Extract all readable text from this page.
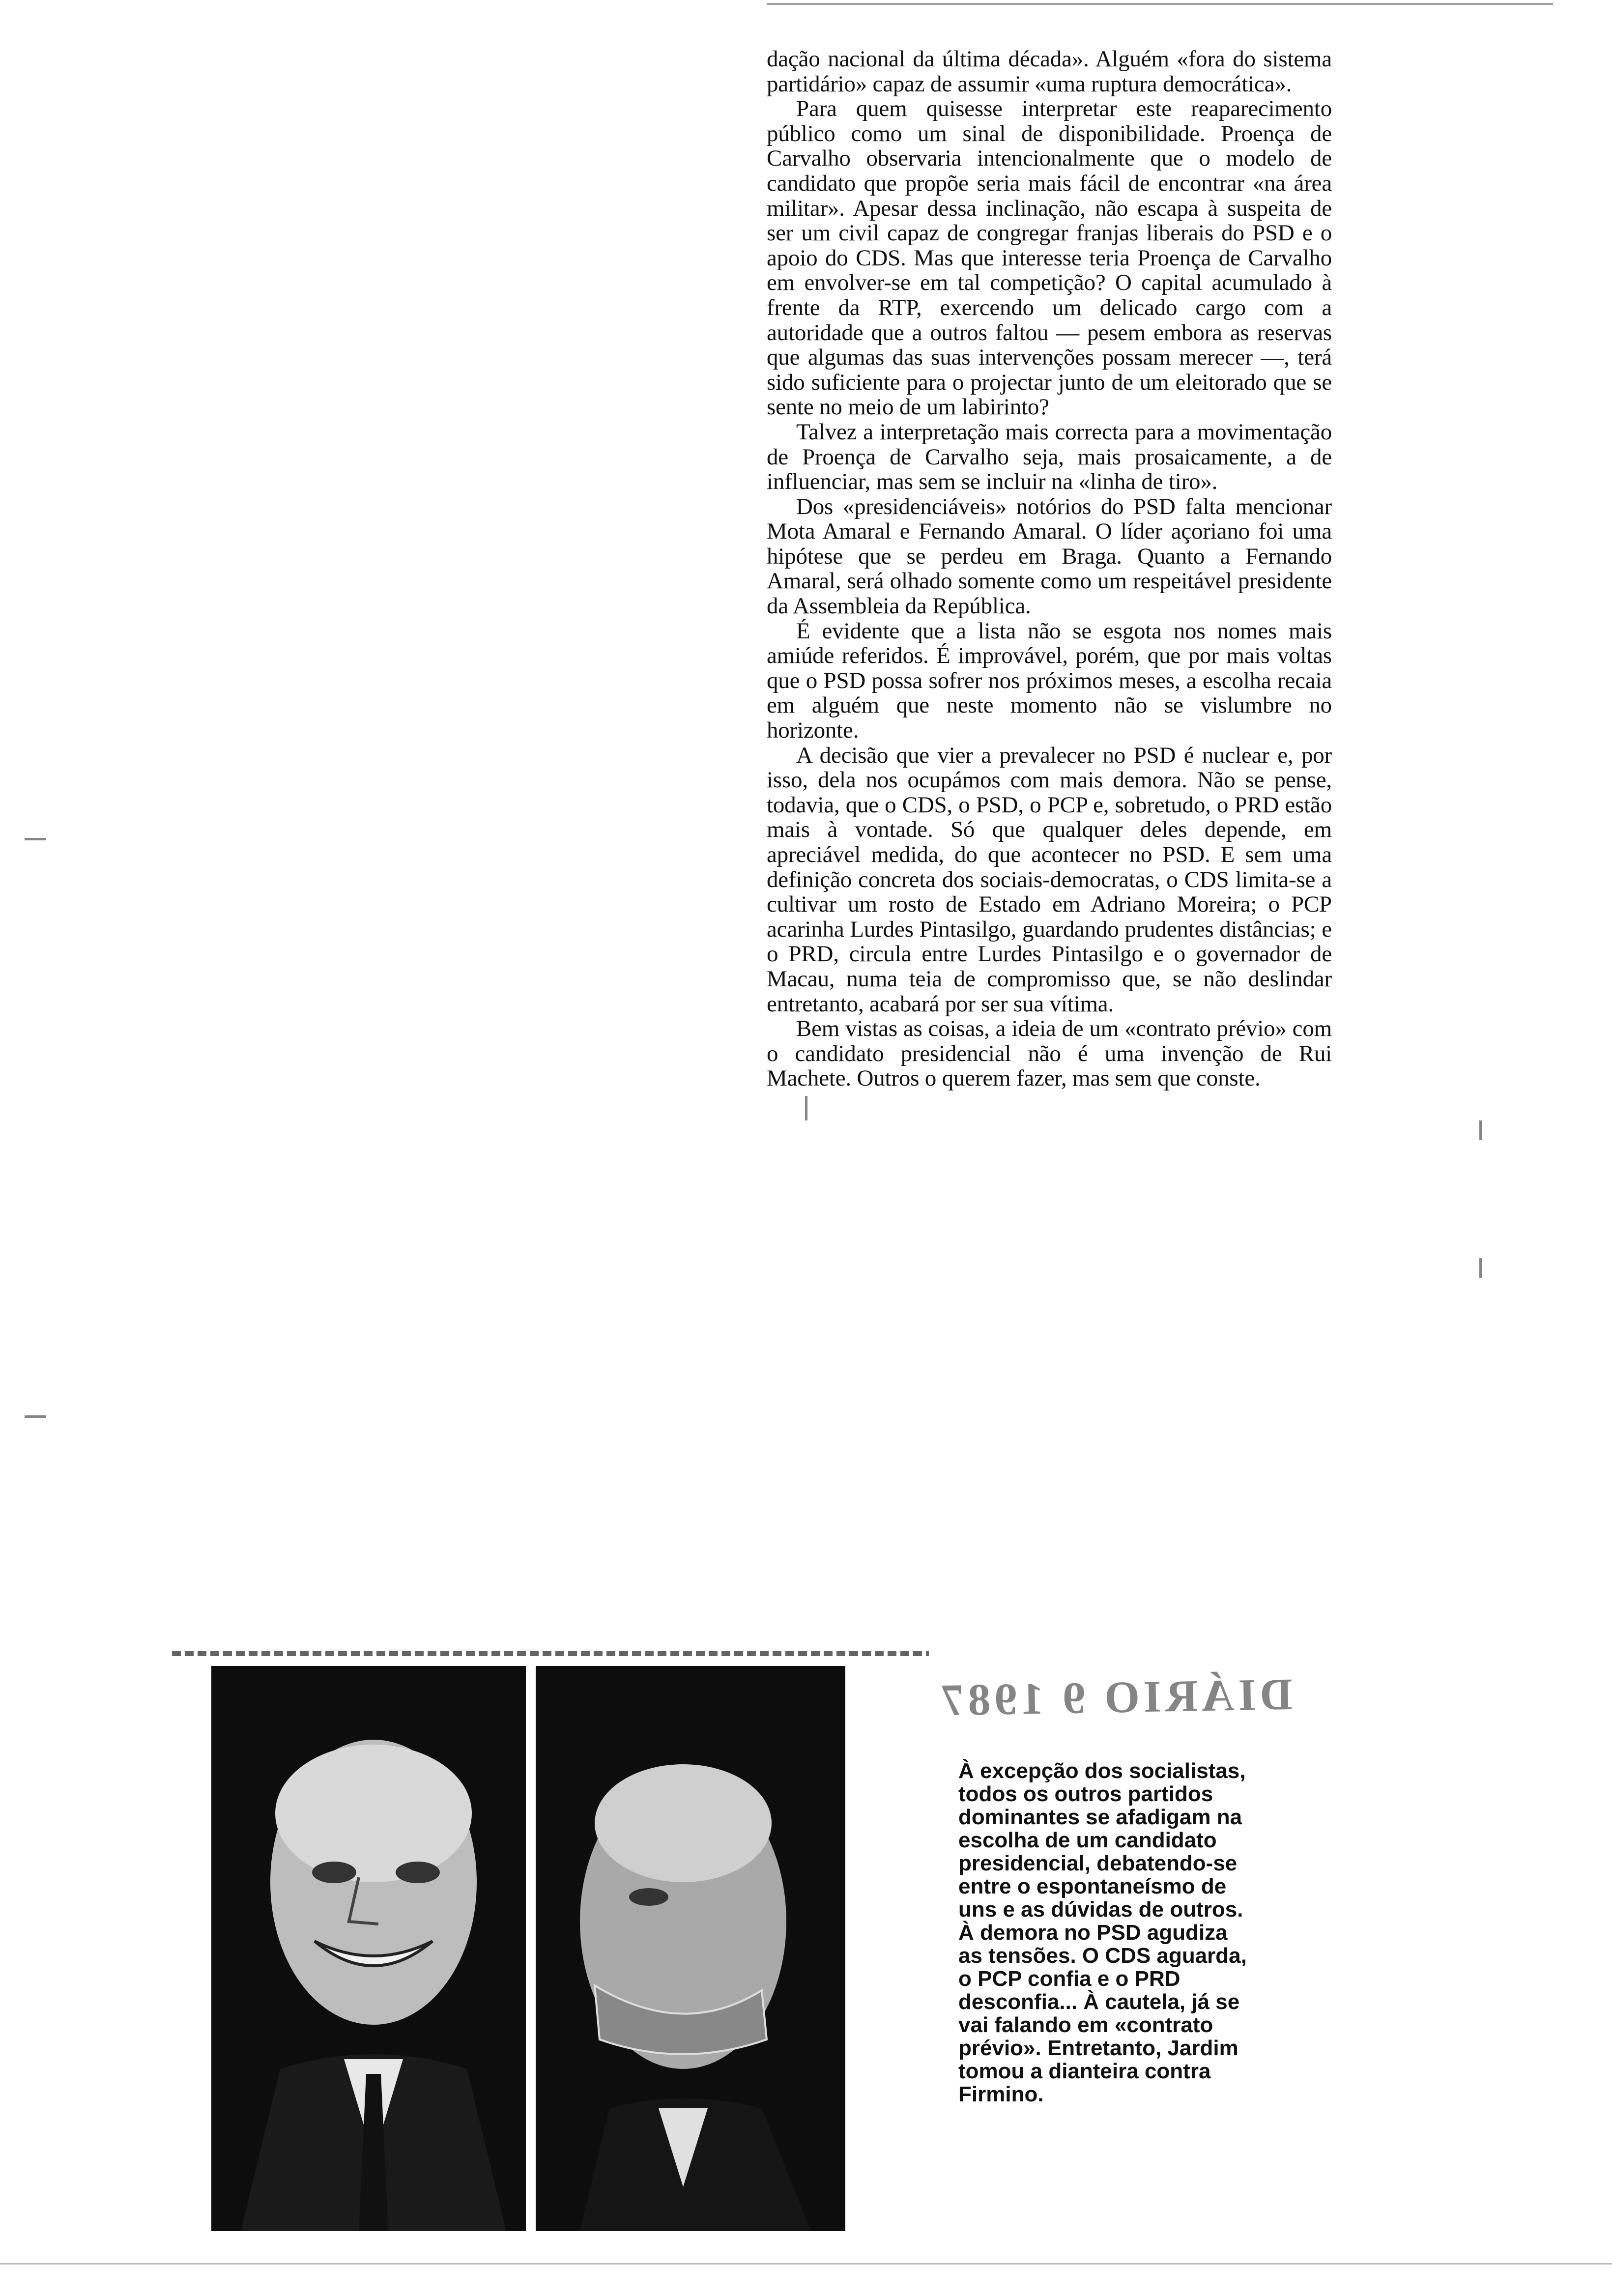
dação nacional da última década». Alguém «fora do sistema partidário» capaz de assumir «uma ruptura democrática».

Para quem quisesse interpretar este reaparecimento público como um sinal de disponibilidade. Proença de Carvalho observaria intencionalmente que o modelo de candidato que propõe seria mais fácil de encontrar «na área militar». Apesar dessa inclinação, não escapa à suspeita de ser um civil capaz de congregar franjas liberais do PSD e o apoio do CDS. Mas que interesse teria Proença de Carvalho em envolver-se em tal competição? O capital acumulado à frente da RTP, exercendo um delicado cargo com a autoridade que a outros faltou — pesem embora as reservas que algumas das suas intervenções possam merecer —, terá sido suficiente para o projectar junto de um eleitorado que se sente no meio de um labirinto?

Talvez a interpretação mais correcta para a movimentação de Proença de Carvalho seja, mais prosaicamente, a de influenciar, mas sem se incluir na «linha de tiro».

Dos «presidenciáveis» notórios do PSD falta mencionar Mota Amaral e Fernando Amaral. O líder açoriano foi uma hipótese que se perdeu em Braga. Quanto a Fernando Amaral, será olhado somente como um respeitável presidente da Assembleia da República.

É evidente que a lista não se esgota nos nomes mais amiúde referidos. É improvável, porém, que por mais voltas que o PSD possa sofrer nos próximos meses, a escolha recaia em alguém que neste momento não se vislumbre no horizonte.

A decisão que vier a prevalecer no PSD é nuclear e, por isso, dela nos ocupámos com mais demora. Não se pense, todavia, que o CDS, o PSD, o PCP e, sobretudo, o PRD estão mais à vontade. Só que qualquer deles depende, em apreciável medida, do que acontecer no PSD. E sem uma definição concreta dos sociais-democratas, o CDS limita-se a cultivar um rosto de Estado em Adriano Moreira; o PCP acarinha Lurdes Pintasilgo, guardando prudentes distâncias; e o PRD, circula entre Lurdes Pintasilgo e o governador de Macau, numa teia de compromisso que, se não deslindar entretanto, acabará por ser sua vítima.

Bem vistas as coisas, a ideia de um «contrato prévio» com o candidato presidencial não é uma invenção de Rui Machete. Outros o querem fazer, mas sem que conste.

DIÁRIO 9 1987
À excepção dos socialistas, todos os outros partidos dominantes se afadigam na escolha de um candidato presidencial, debatendo-se entre o espontaneísmo de uns e as dúvidas de outros. À demora no PSD agudiza as tensões. O CDS aguarda, o PCP confia e o PRD desconfia... À cautela, já se vai falando em «contrato prévio». Entretanto, Jardim tomou a dianteira contra Firmino.
